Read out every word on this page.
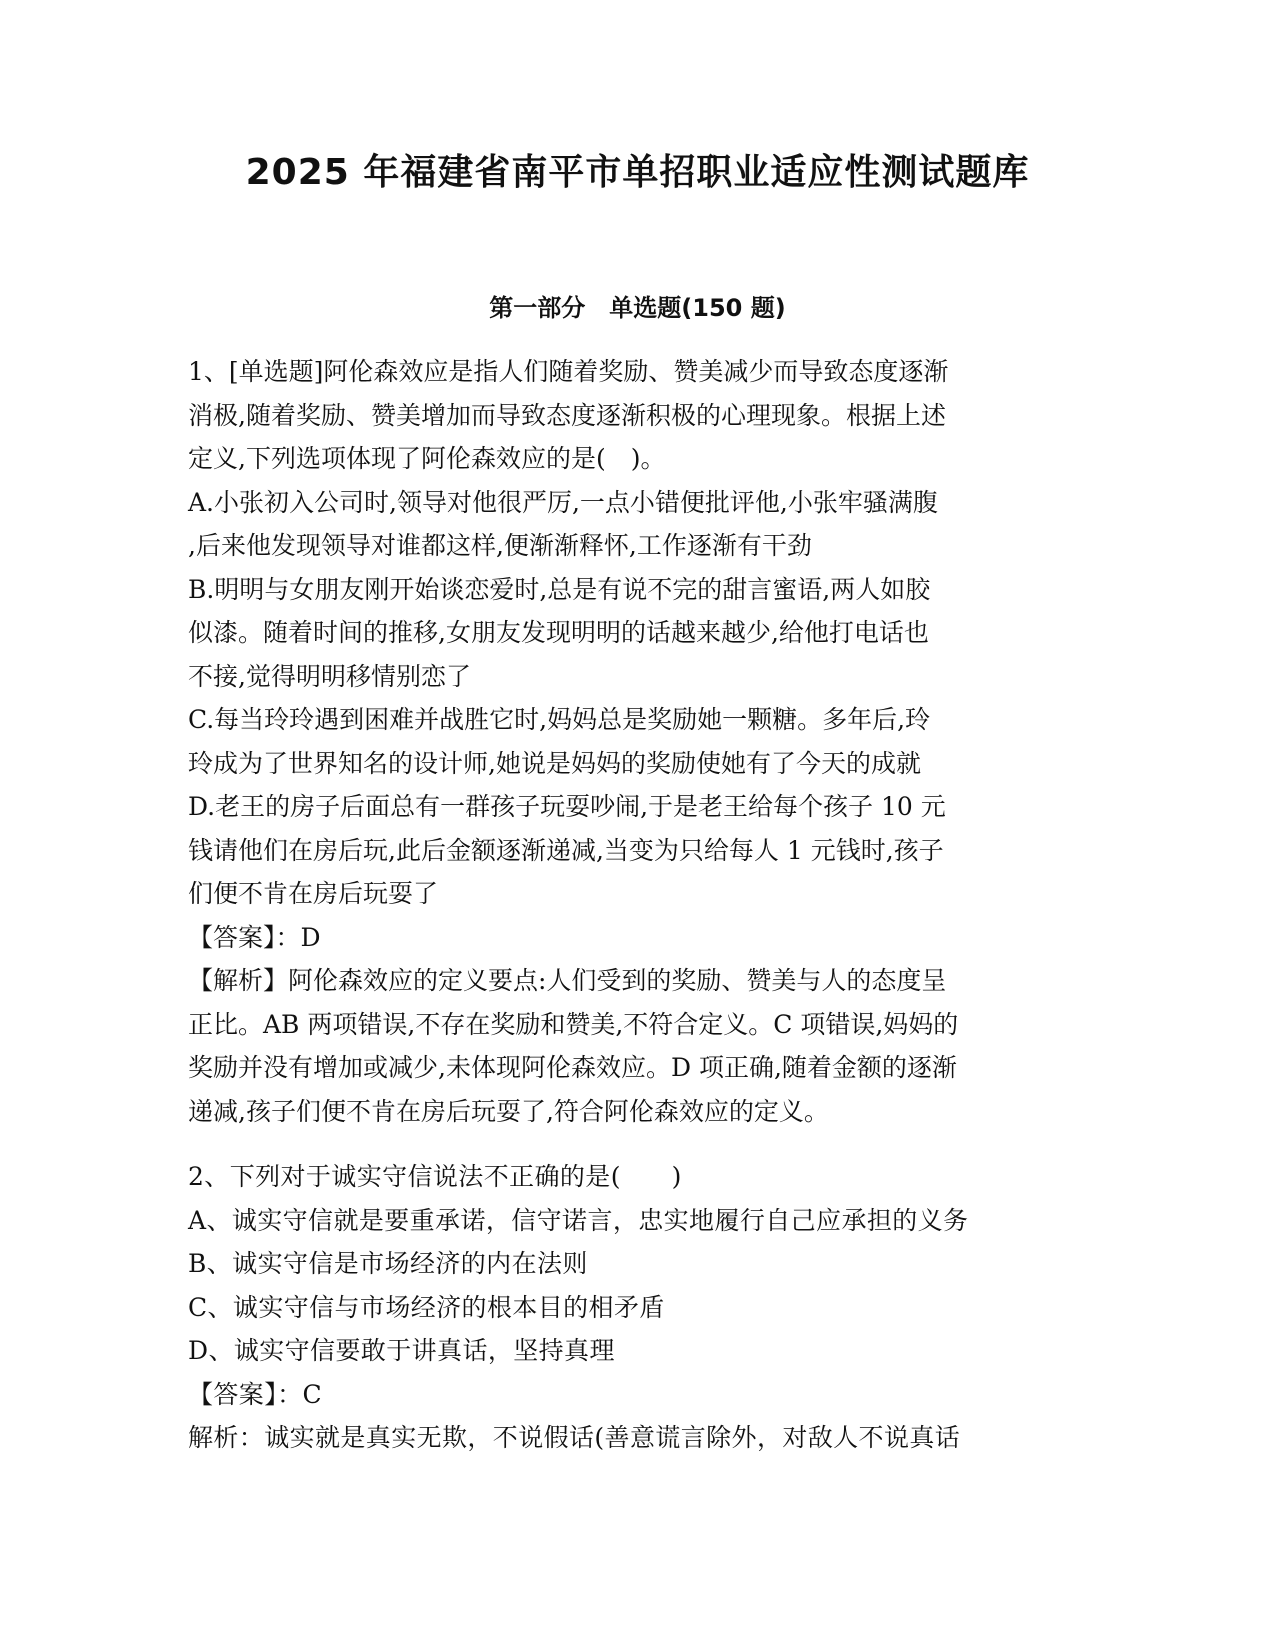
2025 年福建省南平市单招职业适应性测试题库
第一部分　单选题(150 题)
1、[单选题]阿伦森效应是指人们随着奖励、赞美减少而导致态度逐渐
消极,随着奖励、赞美增加而导致态度逐渐积极的心理现象。根据上述
定义,下列选项体现了阿伦森效应的是(　)。
A.小张初入公司时,领导对他很严厉,一点小错便批评他,小张牢骚满腹
,后来他发现领导对谁都这样,便渐渐释怀,工作逐渐有干劲
B.明明与女朋友刚开始谈恋爱时,总是有说不完的甜言蜜语,两人如胶
似漆。随着时间的推移,女朋友发现明明的话越来越少,给他打电话也
不接,觉得明明移情别恋了
C.每当玲玲遇到困难并战胜它时,妈妈总是奖励她一颗糖。多年后,玲
玲成为了世界知名的设计师,她说是妈妈的奖励使她有了今天的成就
D.老王的房子后面总有一群孩子玩耍吵闹,于是老王给每个孩子 10 元
钱请他们在房后玩,此后金额逐渐递减,当变为只给每人 1 元钱时,孩子
们便不肯在房后玩耍了
【答案】：D
【解析】阿伦森效应的定义要点:人们受到的奖励、赞美与人的态度呈
正比。AB 两项错误,不存在奖励和赞美,不符合定义。C 项错误,妈妈的
奖励并没有增加或减少,未体现阿伦森效应。D 项正确,随着金额的逐渐
递减,孩子们便不肯在房后玩耍了,符合阿伦森效应的定义。
2、下列对于诚实守信说法不正确的是(　　)
A、诚实守信就是要重承诺，信守诺言，忠实地履行自己应承担的义务
B、诚实守信是市场经济的内在法则
C、诚实守信与市场经济的根本目的相矛盾
D、诚实守信要敢于讲真话，坚持真理
【答案】：C
解析：诚实就是真实无欺，不说假话(善意谎言除外，对敌人不说真话
